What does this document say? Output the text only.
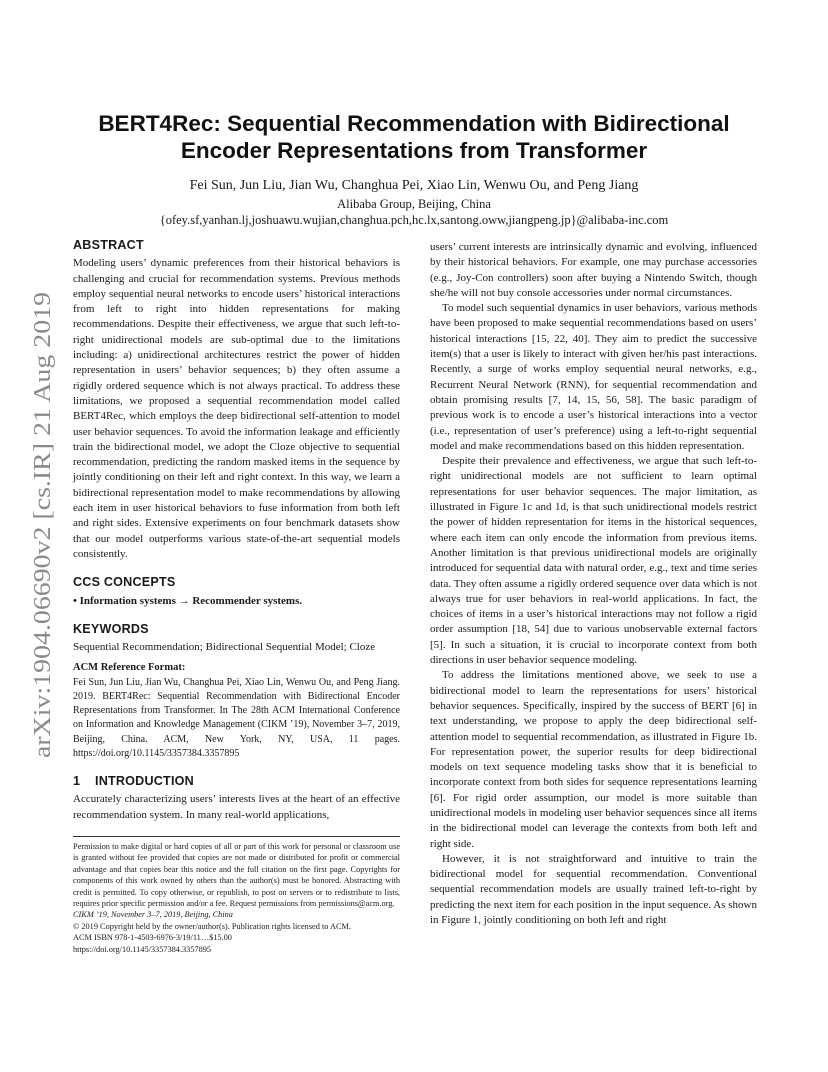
arXiv:1904.06690v2 [cs.IR] 21 Aug 2019
BERT4Rec: Sequential Recommendation with Bidirectional
Encoder Representations from Transformer
Fei Sun, Jun Liu, Jian Wu, Changhua Pei, Xiao Lin, Wenwu Ou, and Peng Jiang
Alibaba Group, Beijing, China
{ofey.sf,yanhan.lj,joshuawu.wujian,changhua.pch,hc.lx,santong.oww,jiangpeng.jp}@alibaba-inc.com
ABSTRACT

Modeling users’ dynamic preferences from their historical behaviors is challenging and crucial for recommendation systems. Previous methods employ sequential neural networks to encode users’ historical interactions from left to right into hidden representations for making recommendations. Despite their effectiveness, we argue that such left-to-right unidirectional models are sub-optimal due to the limitations including: a) unidirectional architectures restrict the power of hidden representation in users’ behavior sequences; b) they often assume a rigidly ordered sequence which is not always practical. To address these limitations, we proposed a sequential recommendation model called BERT4Rec, which employs the deep bidirectional self-attention to model user behavior sequences. To avoid the information leakage and efficiently train the bidirectional model, we adopt the Cloze objective to sequential recommendation, predicting the random masked items in the sequence by jointly conditioning on their left and right context. In this way, we learn a bidirectional representation model to make recommendations by allowing each item in user historical behaviors to fuse information from both left and right sides. Extensive experiments on four benchmark datasets show that our model outperforms various state-of-the-art sequential models consistently.

CCS CONCEPTS

• Information systems → Recommender systems.

KEYWORDS

Sequential Recommendation; Bidirectional Sequential Model; Cloze

ACM Reference Format:

Fei Sun, Jun Liu, Jian Wu, Changhua Pei, Xiao Lin, Wenwu Ou, and Peng Jiang. 2019. BERT4Rec: Sequential Recommendation with Bidirectional Encoder Representations from Transformer. In The 28th ACM International Conference on Information and Knowledge Management (CIKM ’19), November 3–7, 2019, Beijing, China. ACM, New York, NY, USA, 11 pages. https://doi.org/10.1145/3357384.3357895

1 INTRODUCTION

Accurately characterizing users’ interests lives at the heart of an effective recommendation system. In many real-world applications,

Permission to make digital or hard copies of all or part of this work for personal or classroom use is granted without fee provided that copies are not made or distributed for profit or commercial advantage and that copies bear this notice and the full citation on the first page. Copyrights for components of this work owned by others than the author(s) must be honored. Abstracting with credit is permitted. To copy otherwise, or republish, to post on servers or to redistribute to lists, requires prior specific permission and/or a fee. Request permissions from permissions@acm.org.

CIKM ’19, November 3–7, 2019, Beijing, China

© 2019 Copyright held by the owner/author(s). Publication rights licensed to ACM.

ACM ISBN 978-1-4503-6976-3/19/11…$15.00

https://doi.org/10.1145/3357384.3357895

users’ current interests are intrinsically dynamic and evolving, influenced by their historical behaviors. For example, one may purchase accessories (e.g., Joy-Con controllers) soon after buying a Nintendo Switch, though she/he will not buy console accessories under normal circumstances.

To model such sequential dynamics in user behaviors, various methods have been proposed to make sequential recommendations based on users’ historical interactions [15, 22, 40]. They aim to predict the successive item(s) that a user is likely to interact with given her/his past interactions. Recently, a surge of works employ sequential neural networks, e.g., Recurrent Neural Network (RNN), for sequential recommendation and obtain promising results [7, 14, 15, 56, 58]. The basic paradigm of previous work is to encode a user’s historical interactions into a vector (i.e., representation of user’s preference) using a left-to-right sequential model and make recommendations based on this hidden representation.

Despite their prevalence and effectiveness, we argue that such left-to-right unidirectional models are not sufficient to learn optimal representations for user behavior sequences. The major limitation, as illustrated in Figure 1c and 1d, is that such unidirectional models restrict the power of hidden representation for items in the historical sequences, where each item can only encode the information from previous items. Another limitation is that previous unidirectional models are originally introduced for sequential data with natural order, e.g., text and time series data. They often assume a rigidly ordered sequence over data which is not always true for user behaviors in real-world applications. In fact, the choices of items in a user’s historical interactions may not follow a rigid order assumption [18, 54] due to various unobservable external factors [5]. In such a situation, it is crucial to incorporate context from both directions in user behavior sequence modeling.

To address the limitations mentioned above, we seek to use a bidirectional model to learn the representations for users’ historical behavior sequences. Specifically, inspired by the success of BERT [6] in text understanding, we propose to apply the deep bidirectional self-attention model to sequential recommendation, as illustrated in Figure 1b. For representation power, the superior results for deep bidirectional models on text sequence modeling tasks show that it is beneficial to incorporate context from both sides for sequence representations learning [6]. For rigid order assumption, our model is more suitable than unidirectional models in modeling user behavior sequences since all items in the bidirectional model can leverage the contexts from both left and right side.

However, it is not straightforward and intuitive to train the bidirectional model for sequential recommendation. Conventional sequential recommendation models are usually trained left-to-right by predicting the next item for each position in the input sequence. As shown in Figure 1, jointly conditioning on both left and right
